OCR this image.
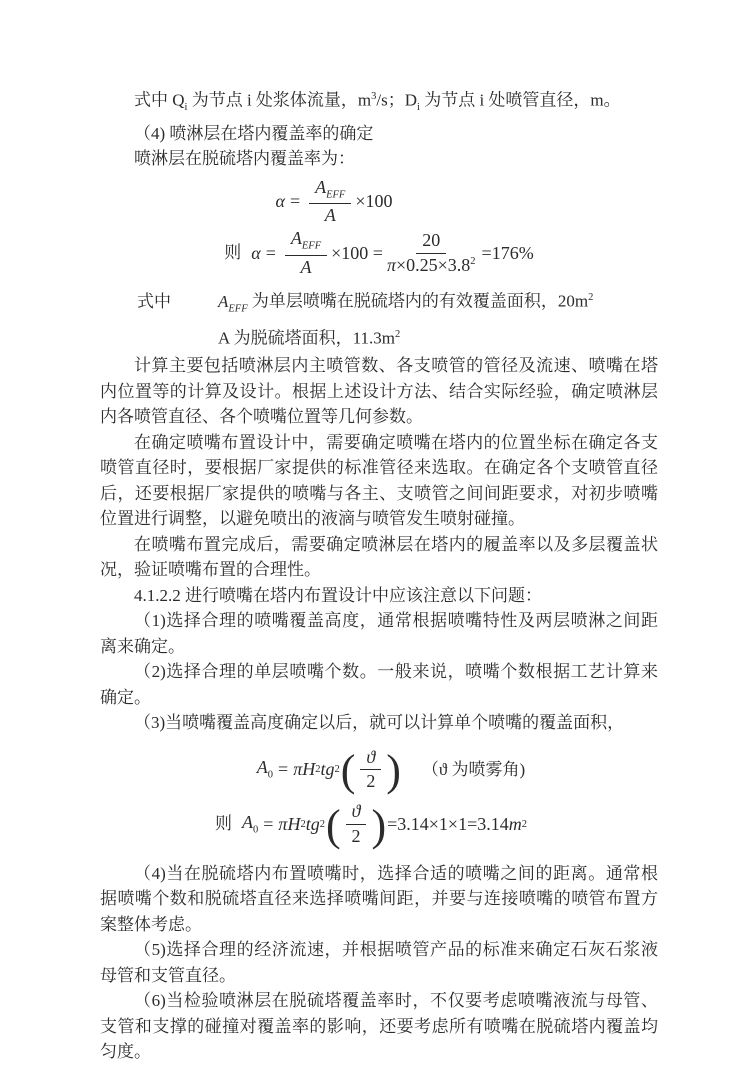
式中 $Q_i$ 为节点 i 处浆体流量，$m^3/s$；$D_i$ 为节点 i 处喷管直径，m。

（4) 喷淋层在塔内覆盖率的确定

喷淋层在脱硫塔内覆盖率为：

$\alpha = \frac{A_{EFF}}{A} \times 100$
则 $\alpha = \frac{A_{EFF}}{A} \times 100 = \frac{20}{\pi\times 0.25\times 3.8^2} =176\%$

式中	$A_{EFF}$ 为单层喷嘴在脱硫塔内的有效覆盖面积，$20m^2$

A 为脱硫塔面积，$11.3m^2$

计算主要包括喷淋层内主喷管数、各支喷管的管径及流速、喷嘴在塔内位置等的计算及设计。根据上述设计方法、结合实际经验，确定喷淋层内各喷管直径、各个喷嘴位置等几何参数。

在确定喷嘴布置设计中，需要确定喷嘴在塔内的位置坐标在确定各支喷管直径时，要根据厂家提供的标准管径来选取。在确定各个支喷管直径后，还要根据厂家提供的喷嘴与各主、支喷管之间间距要求，对初步喷嘴位置进行调整，以避免喷出的液滴与喷管发生喷射碰撞。

在喷嘴布置完成后，需要确定喷淋层在塔内的履盖率以及多层覆盖状况，验证喷嘴布置的合理性。

4.1.2.2 进行喷嘴在塔内布置设计中应该注意以下问题：

（1)选择合理的喷嘴覆盖高度，通常根据喷嘴特性及两层喷淋之间距离来确定。

（2)选择合理的单层喷嘴个数。一般来说，喷嘴个数根据工艺计算来确定。

（3)当喷嘴覆盖高度确定以后，就可以计算单个喷嘴的覆盖面积，

$A_0 = \pi H$ 2 tg 2 ( $\frac{ϑ}{2}$ ) （ϑ 为喷雾角)
则 $A_0 = \pi H$ 2 tg 2 ( $\frac{ϑ}{2}$ ) =3.14×1×1=3.14 m 2

（4)当在脱硫塔内布置喷嘴时，选择合适的喷嘴之间的距离。通常根据喷嘴个数和脱硫塔直径来选择喷嘴间距，并要与连接喷嘴的喷管布置方案整体考虑。

（5)选择合理的经济流速，并根据喷管产品的标准来确定石灰石浆液母管和支管直径。

（6)当检验喷淋层在脱硫塔覆盖率时，不仅要考虑喷嘴液流与母管、支管和支撑的碰撞对覆盖率的影响，还要考虑所有喷嘴在脱硫塔内覆盖均匀度。
